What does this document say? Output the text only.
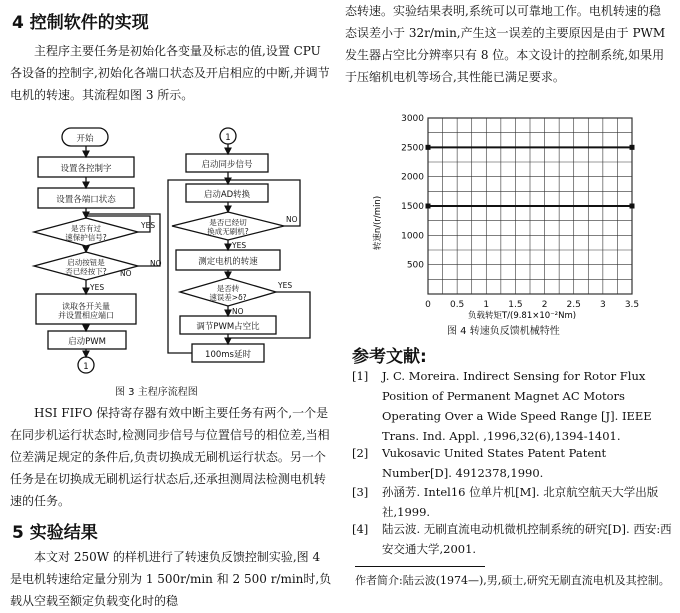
4 控制软件的实现
主程序主要任务是初始化各变量及标志的值,设置 CPU 各设备的控制字,初始化各端口状态及开启相应的中断,并调节电机的转速。其流程如图 3 所示。
开始
设置各控制字
设置各端口状态
是否有过速保护信号?
YES
NO
启动按钮是否已经按下? NO
YES
读取各开关量并设置相应端口
启动PWM
1
1
启动同步信号
启动AD转换
是否已经切换成无刷机?
NO
YES
测定电机的转速
是否转速误差>δ?
YES
NO
调节PWM占空比
100ms延时
图 3 主程序流程图
HSI FIFO 保持寄存器有效中断主要任务有两个,一个是在同步机运行状态时,检测同步信号与位置信号的相位差,当相位差满足规定的条件后,负责切换成无刷机运行状态。另一个任务是在切换成无刷机运行状态后,还承担测周法检测电机转速的任务。
5 实验结果
本文对 250W 的样机进行了转速负反馈控制实验,图 4 是电机转速给定量分别为 1 500r/min 和 2 500 r/min时,负载从空载至额定负载变化时的稳
态转速。实验结果表明,系统可以可靠地工作。电机转速的稳态误差小于 32r/min,产生这一误差的主要原因是由于 PWM 发生器占空比分辨率只有 8 位。本文设计的控制系统,如果用于压缩机电机等场合,其性能已满足要求。
0 0.5 1 1.5 2 2.5 3 3.5
500
1000
1500
2000
2500
3000
负载转矩T/(9.81×10⁻²Nm)
转速n/(r/min)
图 4 转速负反馈机械特性
参考文献:
[1] J. C. Moreira. Indirect Sensing for Rotor Flux Position of Permanent Magnet AC Motors Operating Over a Wide Speed Range [J]. IEEE Trans. Ind. Appl. ,1996,32(6),1394-1401.
[2] Vukosavic United States Patent Patent Number[D]. 4912378,1990.
[3] 孙涵芳. Intel16 位单片机[M]. 北京航空航天大学出版社,1999.
[4] 陆云波. 无刷直流电动机微机控制系统的研究[D]. 西安:西安交通大学,2001.
作者简介:陆云波(1974—),男,硕士,研究无刷直流电机及其控制。
